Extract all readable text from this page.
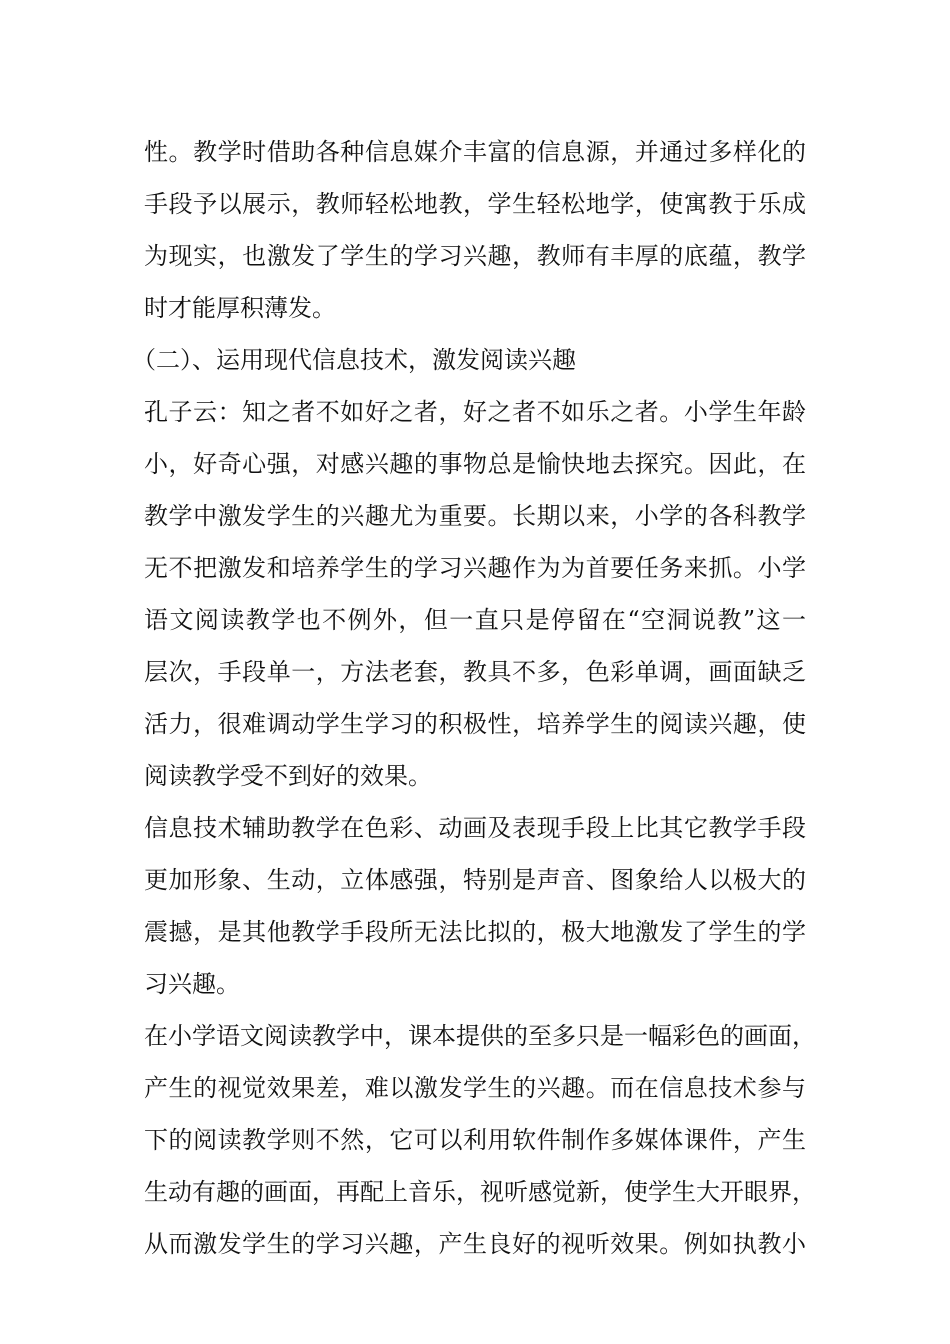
性。教学时借助各种信息媒介丰富的信息源，并通过多样化的
手段予以展示，教师轻松地教，学生轻松地学，使寓教于乐成
为现实，也激发了学生的学习兴趣，教师有丰厚的底蕴，教学
时才能厚积薄发。
（二）、运用现代信息技术，激发阅读兴趣
孔子云：知之者不如好之者，好之者不如乐之者。小学生年龄
小，好奇心强，对感兴趣的事物总是愉快地去探究。因此，在
教学中激发学生的兴趣尤为重要。长期以来，小学的各科教学
无不把激发和培养学生的学习兴趣作为为首要任务来抓。小学
语文阅读教学也不例外，但一直只是停留在“空洞说教”这一
层次，手段单一，方法老套，教具不多，色彩单调，画面缺乏
活力，很难调动学生学习的积极性，培养学生的阅读兴趣，使
阅读教学受不到好的效果。
信息技术辅助教学在色彩、动画及表现手段上比其它教学手段
更加形象、生动，立体感强，特别是声音、图象给人以极大的
震撼，是其他教学手段所无法比拟的，极大地激发了学生的学
习兴趣。
在小学语文阅读教学中，课本提供的至多只是一幅彩色的画面，
产生的视觉效果差，难以激发学生的兴趣。而在信息技术参与
下的阅读教学则不然，它可以利用软件制作多媒体课件，产生
生动有趣的画面，再配上音乐，视听感觉新，使学生大开眼界，
从而激发学生的学习兴趣，产生良好的视听效果。例如执教小
